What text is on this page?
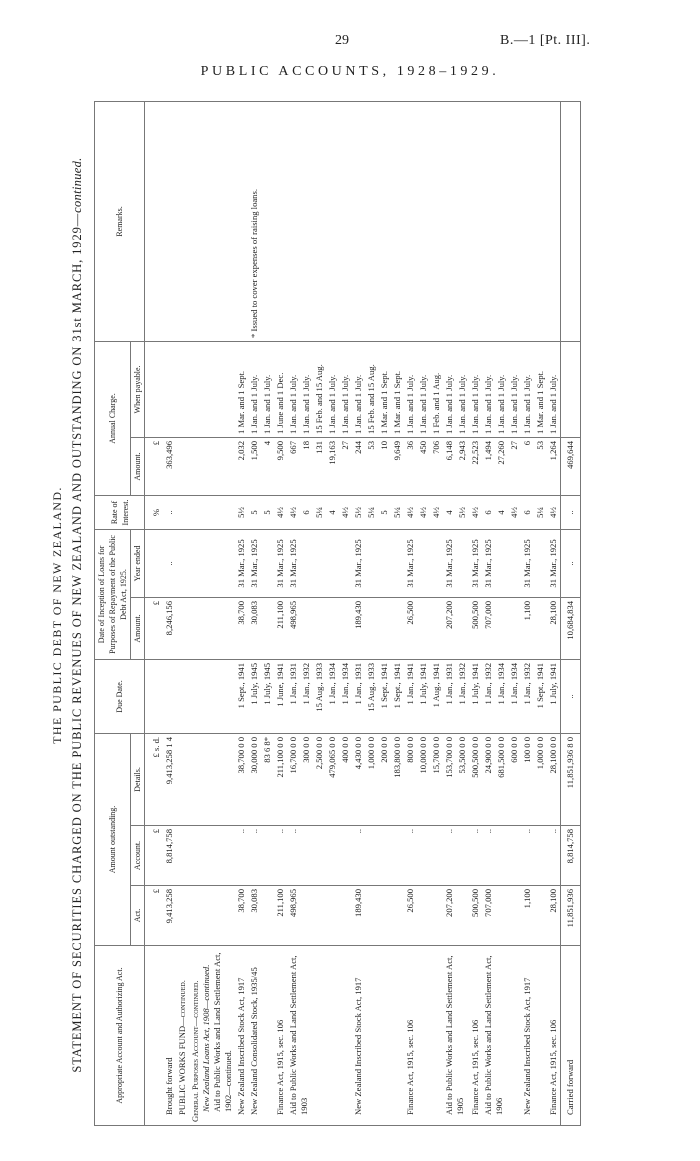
29	B.—1 [Pt. III].
PUBLIC ACCOUNTS, 1928–1929.
THE PUBLIC DEBT OF NEW ZEALAND. STATEMENT OF SECURITIES CHARGED ON THE PUBLIC REVENUES OF NEW ZEALAND AND OUTSTANDING ON 31st MARCH, 1929—continued.
Appropriate Account and Authorizing Act.	Amount outstanding.			Due Date.	Date of Inception of Loans for Purposes of Repayment of the Public Debt Act, 1925.		Rate of Interest.	Annual Charge.		Remarks.
	Act.	Account.	Details.		Amount.	Year ended		Amount.	When payable.	
	£	£	£ s. d.		£		%	£		
Brought forward	9,413,258	8,814,758	9,413,258 1 4		8,246,156	..	..	363,496		
PUBLIC WORKS FUND—continued.										

General Purposes Account—continued. New Zealand Loans Act, 1908—continued. Aid to Public Works and Land Settlement Act, 1902—continued.										

New Zealand Inscribed Stock Act, 1917	38,700	..	38,700 0 0	1 Sept., 1941	38,700	31 Mar., 1925	5½	2,032	1 Mar. and 1 Sept.	
New Zealand Consolidated Stock, 1935/45	30,083	..	30,000 0 0	1 July, 1945	30,083	31 Mar., 1925	5	1,500	1 Jan. and 1 July.	* Issued to cover expenses of raising loans.
			83 6 8*	1 July, 1945			5	4	1 Jan. and 1 July.	
Finance Act, 1915, sec. 106	211,100	..	211,100 0 0	1 June, 1941	211,100	31 Mar., 1925	4½	9,500	1 June and 1 Dec.	
Aid to Public Works and Land Settlement Act, 1903	498,965	..	16,700 0 0	1 Jan., 1931	498,965	31 Mar., 1925	4½	667	1 Jan. and 1 July.	
			300 0 0	1 Jan., 1932			6	18	1 Jan. and 1 July.	
			2,500 0 0	15 Aug., 1933			5¼	131	15 Feb. and 15 Aug.	
			479,065 0 0	1 Jan., 1934			4	19,163	1 Jan. and 1 July.	
			400 0 0	1 Jan., 1934			4½	27	1 Jan. and 1 July.	
New Zealand Inscribed Stock Act, 1917	189,430	..	4,430 0 0	1 Jan., 1931	189,430	31 Mar., 1925	5½	244	1 Jan. and 1 July.	
			1,000 0 0	15 Aug., 1933			5¼	53	15 Feb. and 15 Aug.	
			200 0 0	1 Sept., 1941			5	10	1 Mar. and 1 Sept.	
			183,800 0 0	1 Sept., 1941			5¼	9,649	1 Mar. and 1 Sept.	
Finance Act, 1915, sec. 106	26,500	..	800 0 0	1 Jan., 1941	26,500	31 Mar., 1925	4½	36	1 Jan. and 1 July.	
			10,000 0 0	1 July, 1941			4½	450	1 Jan. and 1 July.	
			15,700 0 0	1 Aug., 1941			4½	706	1 Feb. and 1 Aug.	
Aid to Public Works and Land Settlement Act, 1905	207,200	..	153,700 0 0	1 Jan., 1931	207,200	31 Mar., 1925	4	6,148	1 Jan. and 1 July.	
			53,500 0 0	1 Jan., 1932			5½	2,943	1 Jan. and 1 July.	
Finance Act, 1915, sec. 106	500,500	..	500,500 0 0	1 July, 1941	500,500	31 Mar., 1925	4½	22,523	1 Jan. and 1 July.	
Aid to Public Works and Land Settlement Act, 1906	707,000	..	24,900 0 0	1 Jan., 1932	707,000	31 Mar., 1925	6	1,494	1 Jan. and 1 July.	
			681,500 0 0	1 Jan., 1934			4	27,260	1 Jan. and 1 July.	
			600 0 0	1 Jan., 1934			4½	27	1 Jan. and 1 July.	
New Zealand Inscribed Stock Act, 1917	1,100	..	100 0 0	1 Jan., 1932	1,100	31 Mar., 1925	6	6	1 Jan. and 1 July.	
			1,000 0 0	1 Sept., 1941			5¼	53	1 Mar. and 1 Sept.	
Finance Act, 1915, sec. 106	28,100	..	28,100 0 0	1 July, 1941	28,100	31 Mar., 1925	4½	1,264	1 Jan. and 1 July.	
Carried forward	11,851,936	8,814,758	11,851,936 8 0	..	10,684,834	..	..	469,644		
